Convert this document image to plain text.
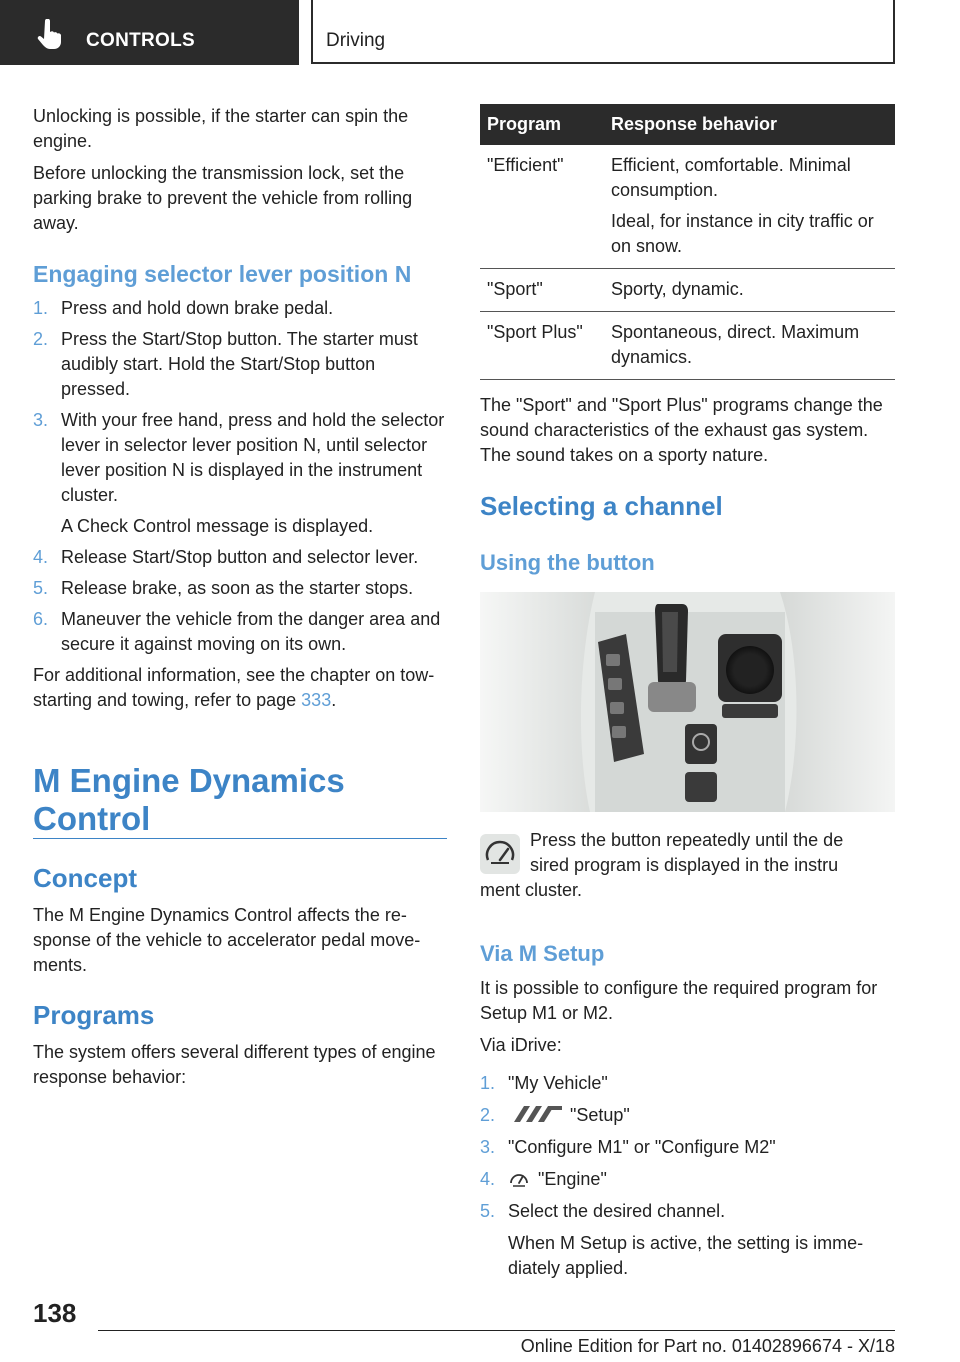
CONTROLS	Driving

Unlocking is possible, if the starter can spin the engine.

Before unlocking the transmission lock, set the parking brake to prevent the vehicle from rolling away.

Engaging selector lever position N
1. Press and hold down brake pedal.
2. Press the Start/Stop button. The starter must audibly start. Hold the Start/Stop button pressed.
3. With your free hand, press and hold the selector lever in selector lever position N, until selector lever position N is displayed in the instrument cluster.
A Check Control message is displayed.
4. Release Start/Stop button and selector lever.
5. Release brake, as soon as the starter stops.
6. Maneuver the vehicle from the danger area and secure it against moving on its own.

For additional information, see the chapter on tow-starting and towing, refer to page 333.

M Engine Dynamics
Control
Concept
The M Engine Dynamics Control affects the response of the vehicle to accelerator pedal movements.
Programs
The system offers several different types of engine response behavior:
Program	Response behavior
"Efficient"	Efficient, comfortable. Minimal consumption.

Ideal, for instance in city traffic or on snow.

"Sport"	Sporty, dynamic.

"Sport Plus"	Spontaneous, direct. Maximum dynamics.

The "Sport" and "Sport Plus" programs change the sound characteristics of the exhaust gas system. The sound takes on a sporty nature.
Selecting a channel
Using the button
Press the button repeatedly until the de
sired program is displayed in the instru
ment cluster.
Via M Setup
It is possible to configure the required program for Setup M1 or M2.
Via iDrive:
1. "My Vehicle"
2.	"Setup"
3. "Configure M1" or "Configure M2"
4. "Engine"
5. Select the desired channel.
When M Setup is active, the setting is immediately applied.
138
Online Edition for Part no. 01402896674 - X/18
